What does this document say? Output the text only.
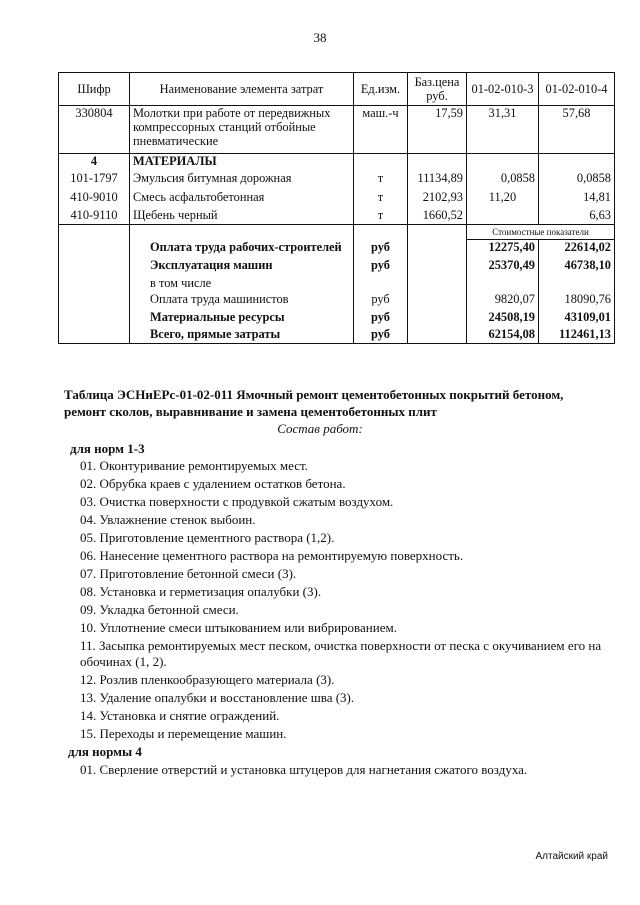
38
Шифр	Наименование элемента затрат	Ед.изм.	Баз.цена руб.	01-02-010-3	01-02-010-4
330804	Молотки при работе от передвижных компрессорных станций отбойные пневматические	маш.-ч	17,59	31,31	57,68
4	МАТЕРИАЛЫ				
101-1797	Эмульсия битумная дорожная	т	11134,89	0,0858	0,0858
410-9010	Смесь асфальтобетонная	т	2102,93	11,20	14,81
410-9110	Щебень черный	т	1660,52		6,63
				Стоимостные показатели	
	Оплата труда рабочих-строителей	руб		12275,40	22614,02
	Эксплуатация машин	руб		25370,49	46738,10
	в том числе				
	Оплата труда машинистов	руб		9820,07	18090,76
	Материальные ресурсы	руб		24508,19	43109,01
	Всего, прямые затраты	руб		62154,08	112461,13
Таблица ЭСНиЕРс-01-02-011 Ямочный ремонт цементобетонных покрытий бетоном, ремонт сколов, выравнивание и замена цементобетонных плит
Состав работ:
для норм 1-3
01. Оконтуривание ремонтируемых мест.
02. Обрубка краев с удалением остатков бетона.
03. Очистка поверхности с продувкой сжатым воздухом.
04. Увлажнение стенок выбоин.
05. Приготовление цементного раствора (1,2).
06. Нанесение цементного раствора на ремонтируемую поверхность.
07. Приготовление бетонной смеси (3).
08. Установка и герметизация опалубки (3).
09. Укладка бетонной смеси.
10. Уплотнение смеси штыкованием или вибрированием.
11. Засыпка ремонтируемых мест песком, очистка поверхности от песка с окучиванием его на обочинах (1, 2).
12. Розлив пленкообразующего материала (3).
13. Удаление опалубки и восстановление шва (3).
14. Установка и снятие ограждений.
15. Переходы и перемещение машин.
для нормы 4
01. Сверление отверстий и установка штуцеров для нагнетания сжатого воздуха.
Алтайский край
